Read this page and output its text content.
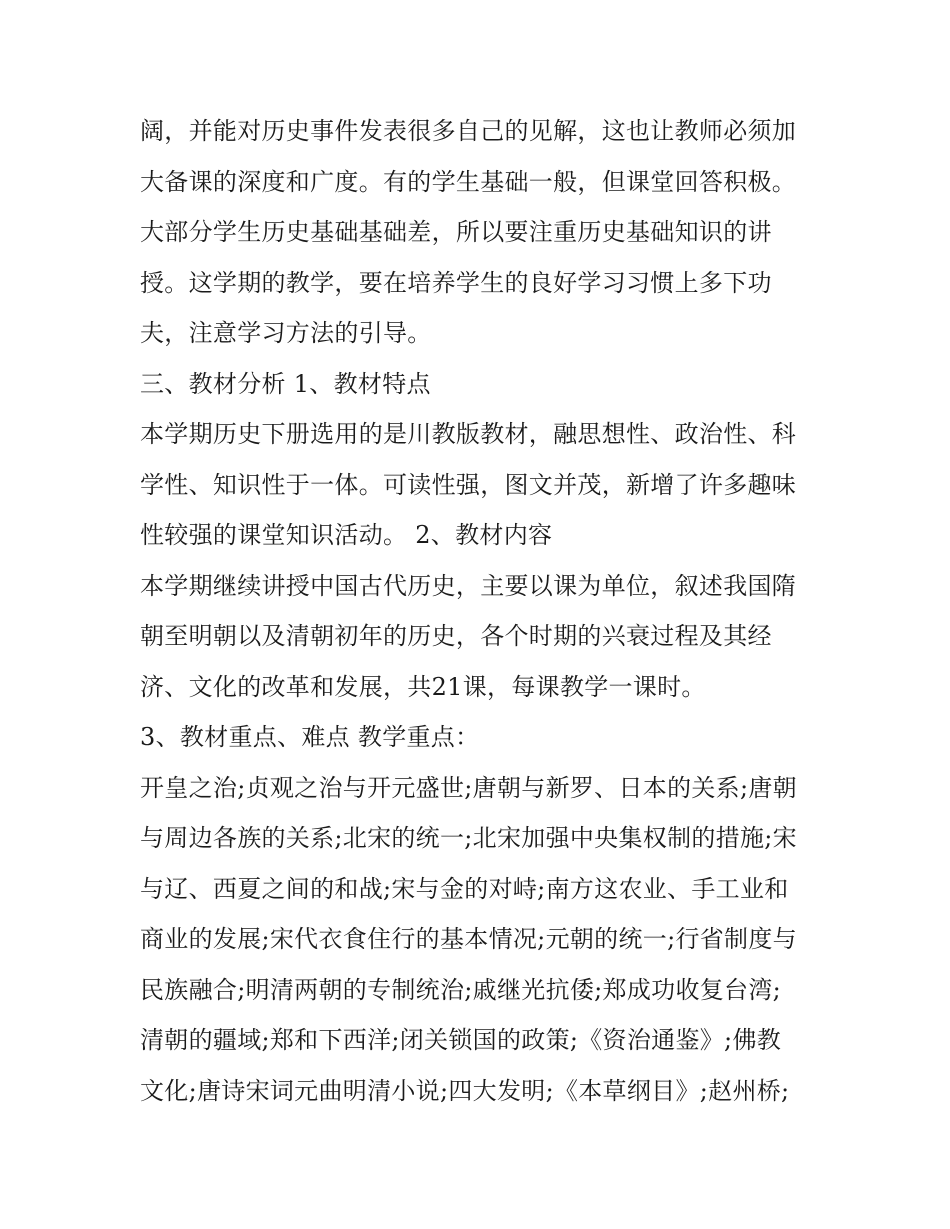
阔，并能对历史事件发表很多自己的见解，这也让教师必须加
大备课的深度和广度。有的学生基础一般，但课堂回答积极。
大部分学生历史基础基础差，所以要注重历史基础知识的讲
授。这学期的教学，要在培养学生的良好学习习惯上多下功
夫，注意学习方法的引导。
三、教材分析 1、教材特点
本学期历史下册选用的是川教版教材，融思想性、政治性、科
学性、知识性于一体。可读性强，图文并茂，新增了许多趣味
性较强的课堂知识活动。 2、教材内容
本学期继续讲授中国古代历史，主要以课为单位，叙述我国隋
朝至明朝以及清朝初年的历史，各个时期的兴衰过程及其经
济、文化的改革和发展，共21课，每课教学一课时。
3、教材重点、难点 教学重点：
开皇之治;贞观之治与开元盛世;唐朝与新罗、日本的关系;唐朝
与周边各族的关系;北宋的统一;北宋加强中央集权制的措施;宋
与辽、西夏之间的和战;宋与金的对峙;南方这农业、手工业和
商业的发展;宋代衣食住行的基本情况;元朝的统一;行省制度与
民族融合;明清两朝的专制统治;戚继光抗倭;郑成功收复台湾;
清朝的疆域;郑和下西洋;闭关锁国的政策;《资治通鉴》;佛教
文化;唐诗宋词元曲明清小说;四大发明;《本草纲目》;赵州桥;
